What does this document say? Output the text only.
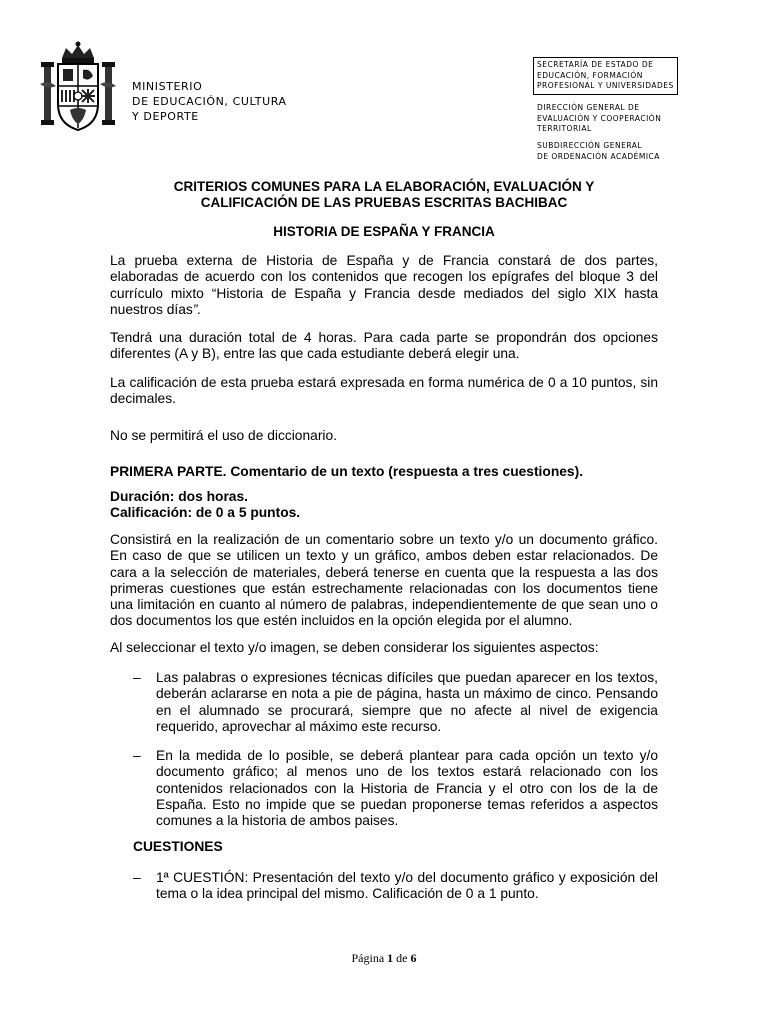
MINISTERIO
DE EDUCACIÓN, CULTURA
Y DEPORTE
SECRETARÍA DE ESTADO DE
EDUCACIÓN, FORMACIÓN
PROFESIONAL Y UNIVERSIDADES
DIRECCIÓN GENERAL DE
EVALUACIÓN Y COOPERACIÓN
TERRITORIAL
SUBDIRECCIÓN GENERAL
DE ORDENACIÓN ACADÉMICA
CRITERIOS COMUNES PARA LA ELABORACIÓN, EVALUACIÓN Y
CALIFICACIÓN DE LAS PRUEBAS ESCRITAS BACHIBAC
HISTORIA DE ESPAÑA Y FRANCIA
La prueba externa de Historia de España y de Francia constará de dos partes, elaboradas de acuerdo con los contenidos que recogen los epígrafes del bloque 3 del currículo mixto “Historia de España y Francia desde mediados del siglo XIX hasta nuestros días”.
Tendrá una duración total de 4 horas. Para cada parte se propondrán dos opciones diferentes (A y B), entre las que cada estudiante deberá elegir una.
La calificación de esta prueba estará expresada en forma numérica de 0 a 10 puntos, sin decimales.
No se permitirá el uso de diccionario.
PRIMERA PARTE. Comentario de un texto (respuesta a tres cuestiones).
Duración: dos horas.
Calificación: de 0 a 5 puntos.
Consistirá en la realización de un comentario sobre un texto y/o un documento gráfico. En caso de que se utilicen un texto y un gráfico, ambos deben estar relacionados. De cara a la selección de materiales, deberá tenerse en cuenta que la respuesta a las dos primeras cuestiones que están estrechamente relacionadas con los documentos tiene una limitación en cuanto al número de palabras, independientemente de que sean uno o dos documentos los que estén incluidos en la opción elegida por el alumno.
Al seleccionar el texto y/o imagen, se deben considerar los siguientes aspectos:
– Las palabras o expresiones técnicas difíciles que puedan aparecer en los textos, deberán aclararse en nota a pie de página, hasta un máximo de cinco. Pensando en el alumnado se procurará, siempre que no afecte al nivel de exigencia requerido, aprovechar al máximo este recurso.
– En la medida de lo posible, se deberá plantear para cada opción un texto y/o documento gráfico; al menos uno de los textos estará relacionado con los contenidos relacionados con la Historia de Francia y el otro con los de la de España. Esto no impide que se puedan proponerse temas referidos a aspectos comunes a la historia de ambos paises.
CUESTIONES
– 1ª CUESTIÓN: Presentación del texto y/o del documento gráfico y exposición del tema o la idea principal del mismo. Calificación de 0 a 1 punto.
Página 1 de 6
